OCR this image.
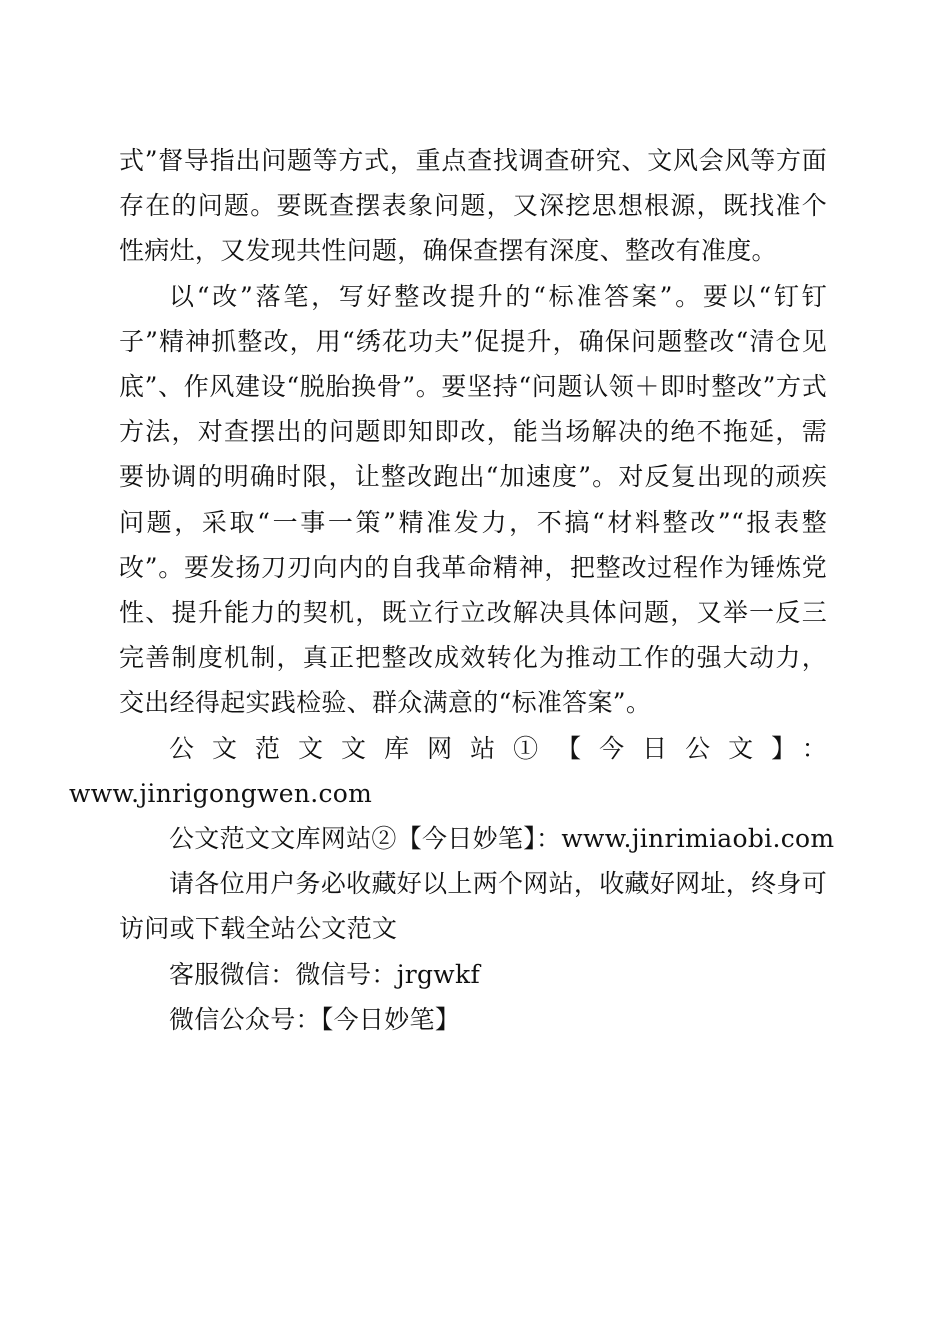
式”督导指出问题等方式，重点查找调查研究、文风会风等方面存在的问题。要既查摆表象问题，又深挖思想根源，既找准个性病灶，又发现共性问题，确保查摆有深度、整改有准度。

以“改”落笔，写好整改提升的“标准答案”。要以“钉钉子”精神抓整改，用“绣花功夫”促提升，确保问题整改“清仓见底”、作风建设“脱胎换骨”。要坚持“问题认领＋即时整改”方式方法，对查摆出的问题即知即改，能当场解决的绝不拖延，需要协调的明确时限，让整改跑出“加速度”。对反复出现的顽疾问题，采取“一事一策”精准发力，不搞“材料整改”“报表整改”。要发扬刀刃向内的自我革命精神，把整改过程作为锤炼党性、提升能力的契机，既立行立改解决具体问题，又举一反三完善制度机制，真正把整改成效转化为推动工作的强大动力，交出经得起实践检验、群众满意的“标准答案”。

公文范文文库网站①【今日公文】：
www.jinrigongwen.com

公文范文文库网站②【今日妙笔】：www.jinrimiaobi.com

请各位用户务必收藏好以上两个网站，收藏好网址，终身可访问或下载全站公文范文

客服微信：微信号：jrgwkf

微信公众号：【今日妙笔】
